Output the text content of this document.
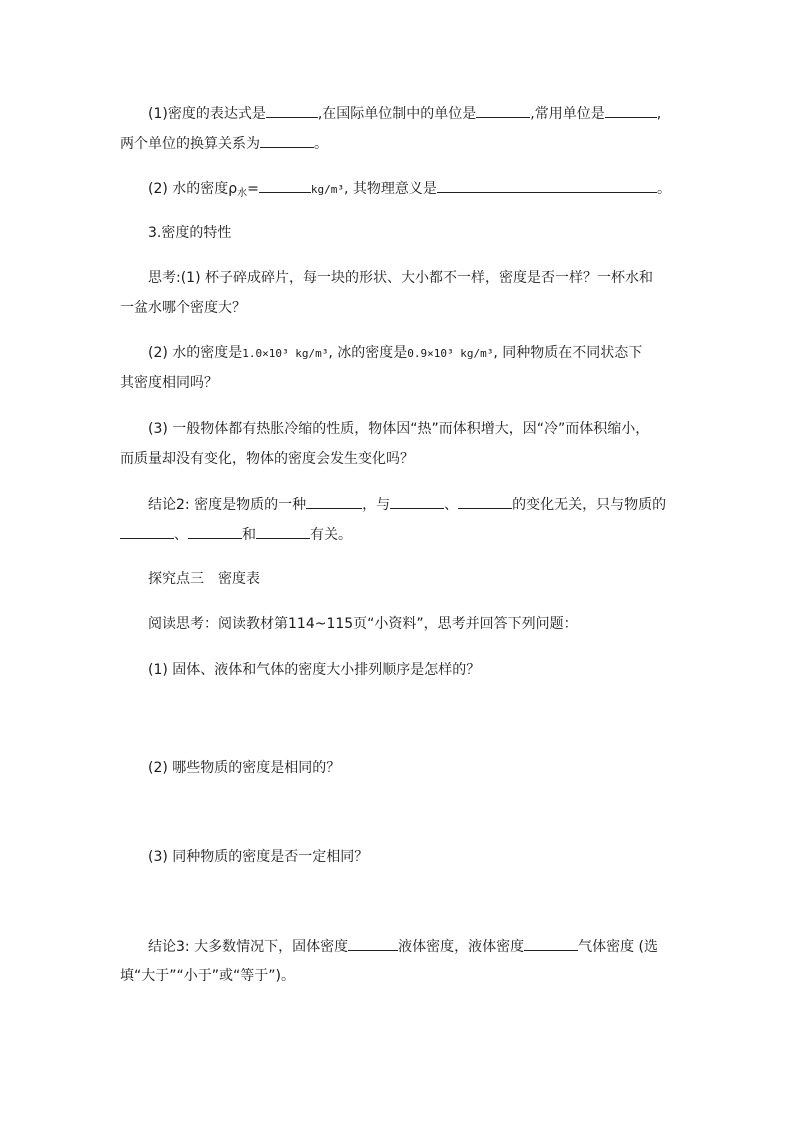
(1)密度的表达式是	,在国际单位制中的单位是	,常用单位是	,
两个单位的换算关系为	。
(2) 水的密度$\rho_水=$	kg/m³, 其物理意义是	。
3.密度的特性
思考:(1) 杯子碎成碎片，每一块的形状、大小都不一样，密度是否一样？一杯水和
一盆水哪个密度大？
(2) 水的密度是1.0×10³ kg/m³, 冰的密度是0.9×10³ kg/m³, 同种物质在不同状态下
其密度相同吗？
(3) 一般物体都有热胀冷缩的性质，物体因“热”而体积增大，因“冷”而体积缩小，
而质量却没有变化，物体的密度会发生变化吗？
结论2: 密度是物质的一种	，与	、	的变化无关，只与物质的
、	和	有关。
探究点三　密度表
阅读思考：阅读教材第114~115页“小资料”，思考并回答下列问题：
(1) 固体、液体和气体的密度大小排列顺序是怎样的？
(2) 哪些物质的密度是相同的？
(3) 同种物质的密度是否一定相同？
结论3: 大多数情况下，固体密度	液体密度，液体密度	气体密度 (选
填“大于”“小于”或“等于”)。
